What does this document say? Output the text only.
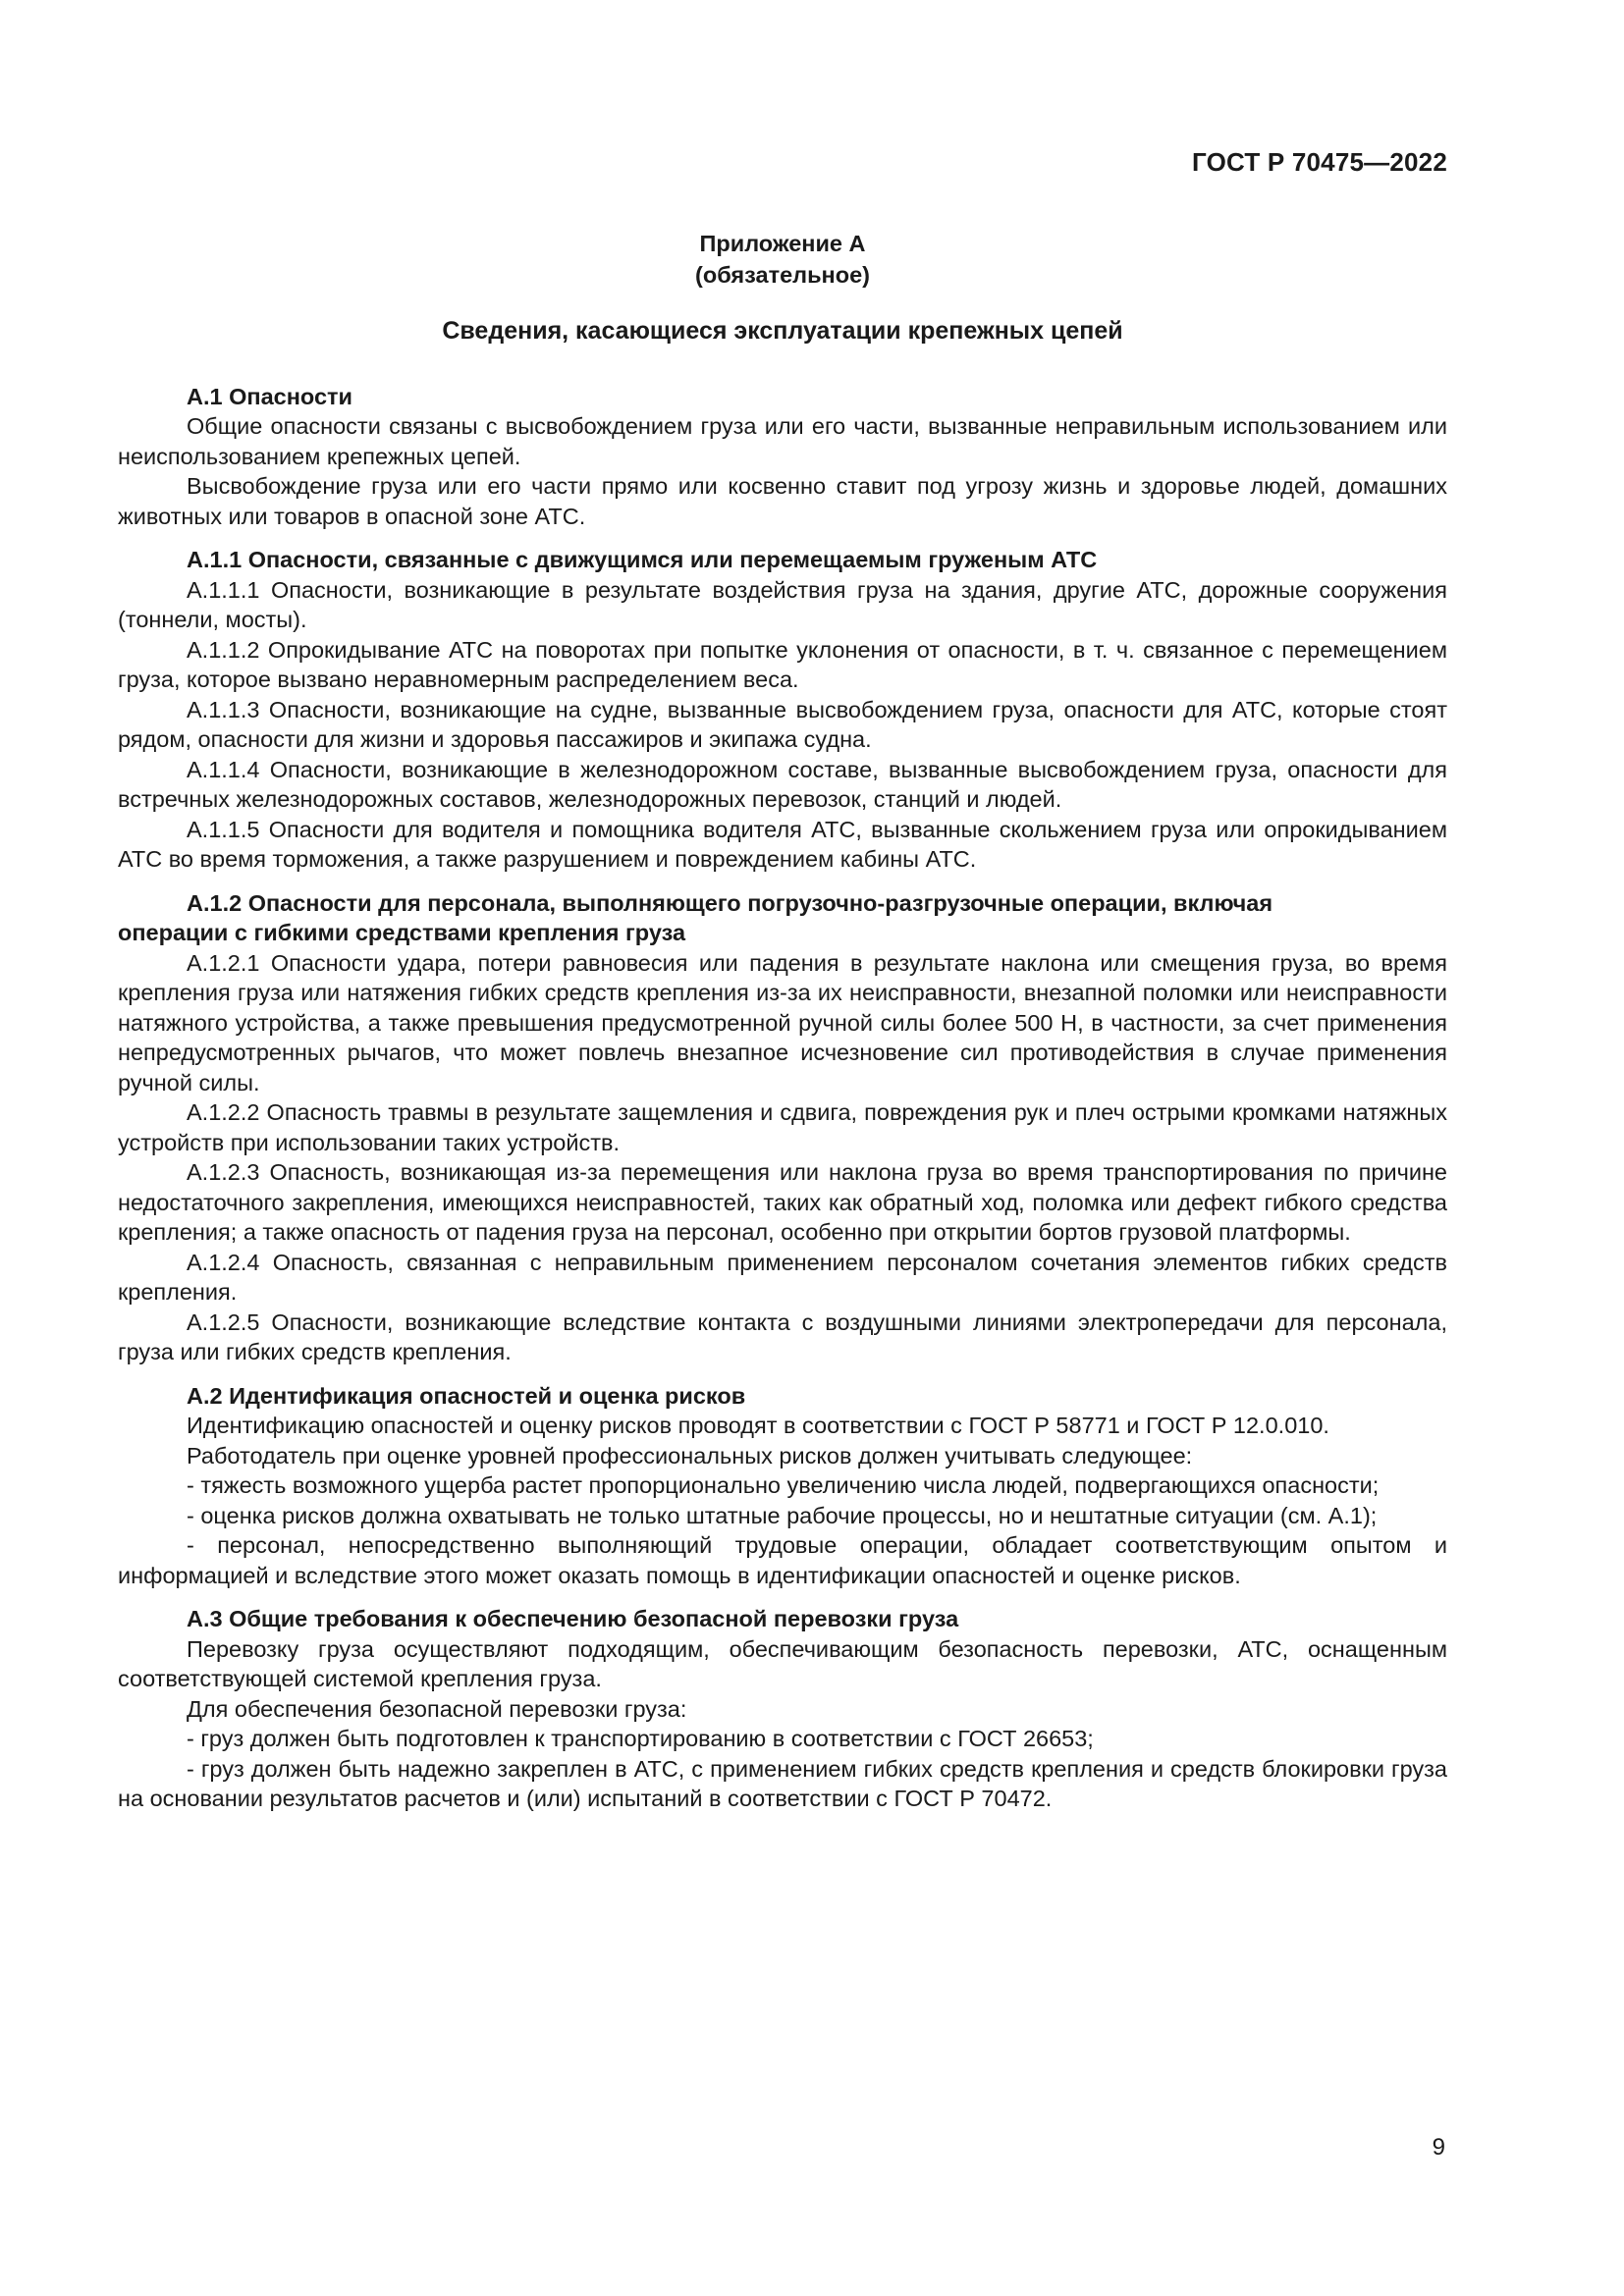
ГОСТ Р 70475—2022
Приложение А
(обязательное)
Сведения, касающиеся эксплуатации крепежных цепей
А.1 Опасности

Общие опасности связаны с высвобождением груза или его части, вызванные неправильным использованием или неиспользованием крепежных цепей.

Высвобождение груза или его части прямо или косвенно ставит под угрозу жизнь и здоровье людей, домашних животных или товаров в опасной зоне АТС.

А.1.1 Опасности, связанные с движущимся или перемещаемым груженым АТС

А.1.1.1 Опасности, возникающие в результате воздействия груза на здания, другие АТС, дорожные сооружения (тоннели, мосты).

А.1.1.2 Опрокидывание АТС на поворотах при попытке уклонения от опасности, в т. ч. связанное с перемещением груза, которое вызвано неравномерным распределением веса.

А.1.1.3 Опасности, возникающие на судне, вызванные высвобождением груза, опасности для АТС, которые стоят рядом, опасности для жизни и здоровья пассажиров и экипажа судна.

А.1.1.4 Опасности, возникающие в железнодорожном составе, вызванные высвобождением груза, опасности для встречных железнодорожных составов, железнодорожных перевозок, станций и людей.

А.1.1.5 Опасности для водителя и помощника водителя АТС, вызванные скольжением груза или опрокидыванием АТС во время торможения, а также разрушением и повреждением кабины АТС.

А.1.2 Опасности для персонала, выполняющего погрузочно-разгрузочные операции, включая
операции с гибкими средствами крепления груза

А.1.2.1 Опасности удара, потери равновесия или падения в результате наклона или смещения груза, во время крепления груза или натяжения гибких средств крепления из-за их неисправности, внезапной поломки или неисправности натяжного устройства, а также превышения предусмотренной ручной силы более 500 Н, в частности, за счет применения непредусмотренных рычагов, что может повлечь внезапное исчезновение сил противодействия в случае применения ручной силы.

А.1.2.2 Опасность травмы в результате защемления и сдвига, повреждения рук и плеч острыми кромками натяжных устройств при использовании таких устройств.

А.1.2.3 Опасность, возникающая из-за перемещения или наклона груза во время транспортирования по причине недостаточного закрепления, имеющихся неисправностей, таких как обратный ход, поломка или дефект гибкого средства крепления; а также опасность от падения груза на персонал, особенно при открытии бортов грузовой платформы.

А.1.2.4 Опасность, связанная с неправильным применением персоналом сочетания элементов гибких средств крепления.

А.1.2.5 Опасности, возникающие вследствие контакта с воздушными линиями электропередачи для персонала, груза или гибких средств крепления.

А.2 Идентификация опасностей и оценка рисков

Идентификацию опасностей и оценку рисков проводят в соответствии с ГОСТ Р 58771 и ГОСТ Р 12.0.010.

Работодатель при оценке уровней профессиональных рисков должен учитывать следующее:

- тяжесть возможного ущерба растет пропорционально увеличению числа людей, подвергающихся опасности;

- оценка рисков должна охватывать не только штатные рабочие процессы, но и нештатные ситуации (см. А.1);

- персонал, непосредственно выполняющий трудовые операции, обладает соответствующим опытом и информацией и вследствие этого может оказать помощь в идентификации опасностей и оценке рисков.

А.3 Общие требования к обеспечению безопасной перевозки груза

Перевозку груза осуществляют подходящим, обеспечивающим безопасность перевозки, АТС, оснащенным соответствующей системой крепления груза.

Для обеспечения безопасной перевозки груза:

- груз должен быть подготовлен к транспортированию в соответствии с ГОСТ 26653;

- груз должен быть надежно закреплен в АТС, с применением гибких средств крепления и средств блокировки груза на основании результатов расчетов и (или) испытаний в соответствии с ГОСТ Р 70472.

9
